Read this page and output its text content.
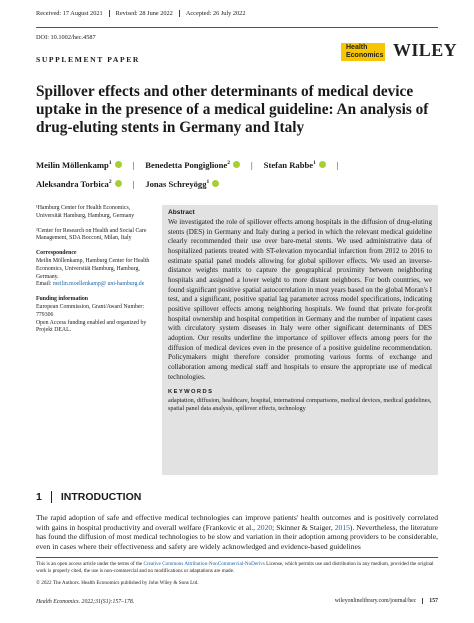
Received: 17 August 2021	Revised: 28 June 2022	Accepted: 26 July 2022
DOI: 10.1002/hec.4587
SUPPLEMENT PAPER
Health
Economics WILEY
Spillover effects and other determinants of medical device uptake in the presence of a medical guideline: An analysis of drug-eluting stents in Germany and Italy
Meilin Möllenkamp$^1$ | Benedetta Pongiglione$^2$ | Stefan Rabbe$^1$ |
Aleksandra Torbica$^2$ | Jonas Schreyögg$^1$
¹Hamburg Center for Health Economics, Universität Hamburg, Hamburg, Germany
²Center for Research on Health and Social Care Management, SDA Bocconi, Milan, Italy
Correspondence
Meilin Möllenkamp, Hamburg Center for Health Economics, Universität Hamburg, Hamburg, Germany.
Email: meilin.moellenkamp@ uni-hamburg.de
Funding information
European Commission, Grant/Award Number: 779306
Open Access funding enabled and organized by Projekt DEAL.
Abstract
We investigated the role of spillover effects among hospitals in the diffusion of drug-eluting stents (DES) in Germany and Italy during a period in which the relevant medical guideline clearly recommended their use over bare-metal stents. We used administrative data of hospitalized patients treated with ST-elevation myocardial infarction from 2012 to 2016 to estimate spatial panel models allowing for global spillover effects. We used an inverse-distance weights matrix to capture the geographical proximity between neighboring hospitals and assigned a lower weight to more distant neighbors. For both countries, we found significant positive spatial autocorrelation in most years based on the global Moran's I test, and a significant, positive spatial lag parameter across model specifications, indicating positive spillover effects among neighboring hospitals. We found that private for-profit hospital ownership and hospital competition in Germany and the number of inpatient cases with circulatory system diseases in Italy were other significant determinants of DES adoption. Our results underline the importance of spillover effects among peers for the diffusion of medical devices even in the presence of a positive guideline recommendation. Policymakers might therefore consider promoting various forms of exchange and collaboration among medical staff and hospitals to ensure the appropriate use of medical technologies.
KEYWORDS
adaptation, diffusion, healthcare, hospital, international comparisons, medical devices, medical guidelines, spatial panel data analysis, spillover effects, technology
1 INTRODUCTION
The rapid adoption of safe and effective medical technologies can improve patients' health outcomes and is positively correlated with gains in hospital productivity and overall welfare (Frankovic et al., 2020; Skinner & Staiger, 2015). Nevertheless, the literature has found the diffusion of most medical technologies to be slow and variation in their adoption among providers to be considerable, even in cases where their effectiveness and safety are widely acknowledged and evidence-based guidelines
This is an open access article under the terms of the Creative Commons Attribution-NonCommercial-NoDerivs License, which permits use and distribution in any medium, provided the original work is properly cited, the use is non-commercial and no modifications or adaptations are made.
© 2022 The Authors. Health Economics published by John Wiley & Sons Ltd.
Health Economics. 2022;31(S1):157–178.	wileyonlinelibrary.com/journal/hec	157
